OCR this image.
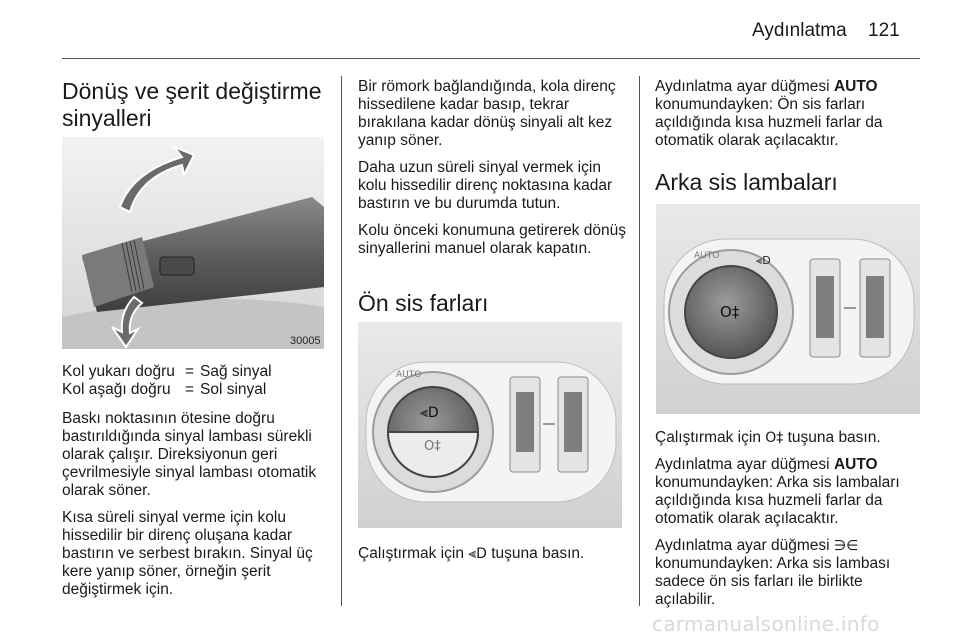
Aydınlatma 121
Dönüş ve şerit değiştirme sinyalleri
30005
Kol yukarı doğru = Sağ sinyal
Kol aşağı doğru = Sol sinyal

Baskı noktasının ötesine doğru bastırıldığında sinyal lambası sürekli olarak çalışır. Direksiyonun geri çevrilmesiyle sinyal lambası otomatik olarak söner.

Kısa süreli sinyal verme için kolu hissedilir bir direnç oluşana kadar bastırın ve serbest bırakın. Sinyal üç kere yanıp söner, örneğin şerit değiştirmek için.

Bir römork bağlandığında, kola direnç hissedilene kadar basıp, tekrar bırakılana kadar dönüş sinyali alt kez yanıp söner.

Daha uzun süreli sinyal vermek için kolu hissedilir direnç noktasına kadar bastırın ve bu durumda tutun.

Kolu önceki konumuna getirerek dönüş sinyallerini manuel olarak kapatın.

Ön sis farları
⫷D
O‡
AUTO

Çalıştırmak için ⫷D tuşuna basın.

Aydınlatma ayar düğmesi AUTO konumundayken: Ön sis farları açıldığında kısa huzmeli farlar da otomatik olarak açılacaktır.

Arka sis lambaları
O‡
AUTO	⫷D

Çalıştırmak için O‡ tuşuna basın.

Aydınlatma ayar düğmesi AUTO konumundayken: Arka sis lambaları açıldığında kısa huzmeli farlar da otomatik olarak açılacaktır.

Aydınlatma ayar düğmesi ∋∈ konumundayken: Arka sis lambası sadece ön sis farları ile birlikte açılabilir.

carmanualsonline.info
